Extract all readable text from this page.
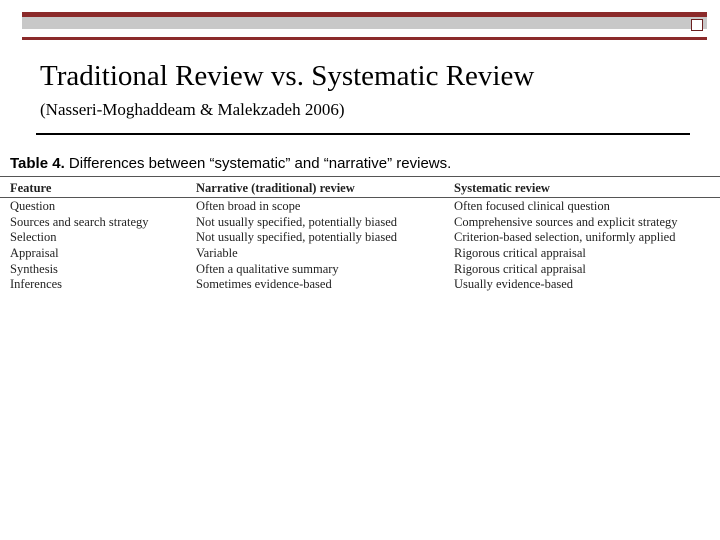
Traditional Review vs. Systematic Review
(Nasseri-Moghaddeam & Malekzadeh 2006)
Table 4. Differences between “systematic” and “narrative” reviews.
Feature	Narrative (traditional) review	Systematic review
Question	Often broad in scope	Often focused clinical question
Sources and search strategy	Not usually specified, potentially biased	Comprehensive sources and explicit strategy
Selection	Not usually specified, potentially biased	Criterion-based selection, uniformly applied
Appraisal	Variable	Rigorous critical appraisal
Synthesis	Often a qualitative summary	Rigorous critical appraisal
Inferences	Sometimes evidence-based	Usually evidence-based
